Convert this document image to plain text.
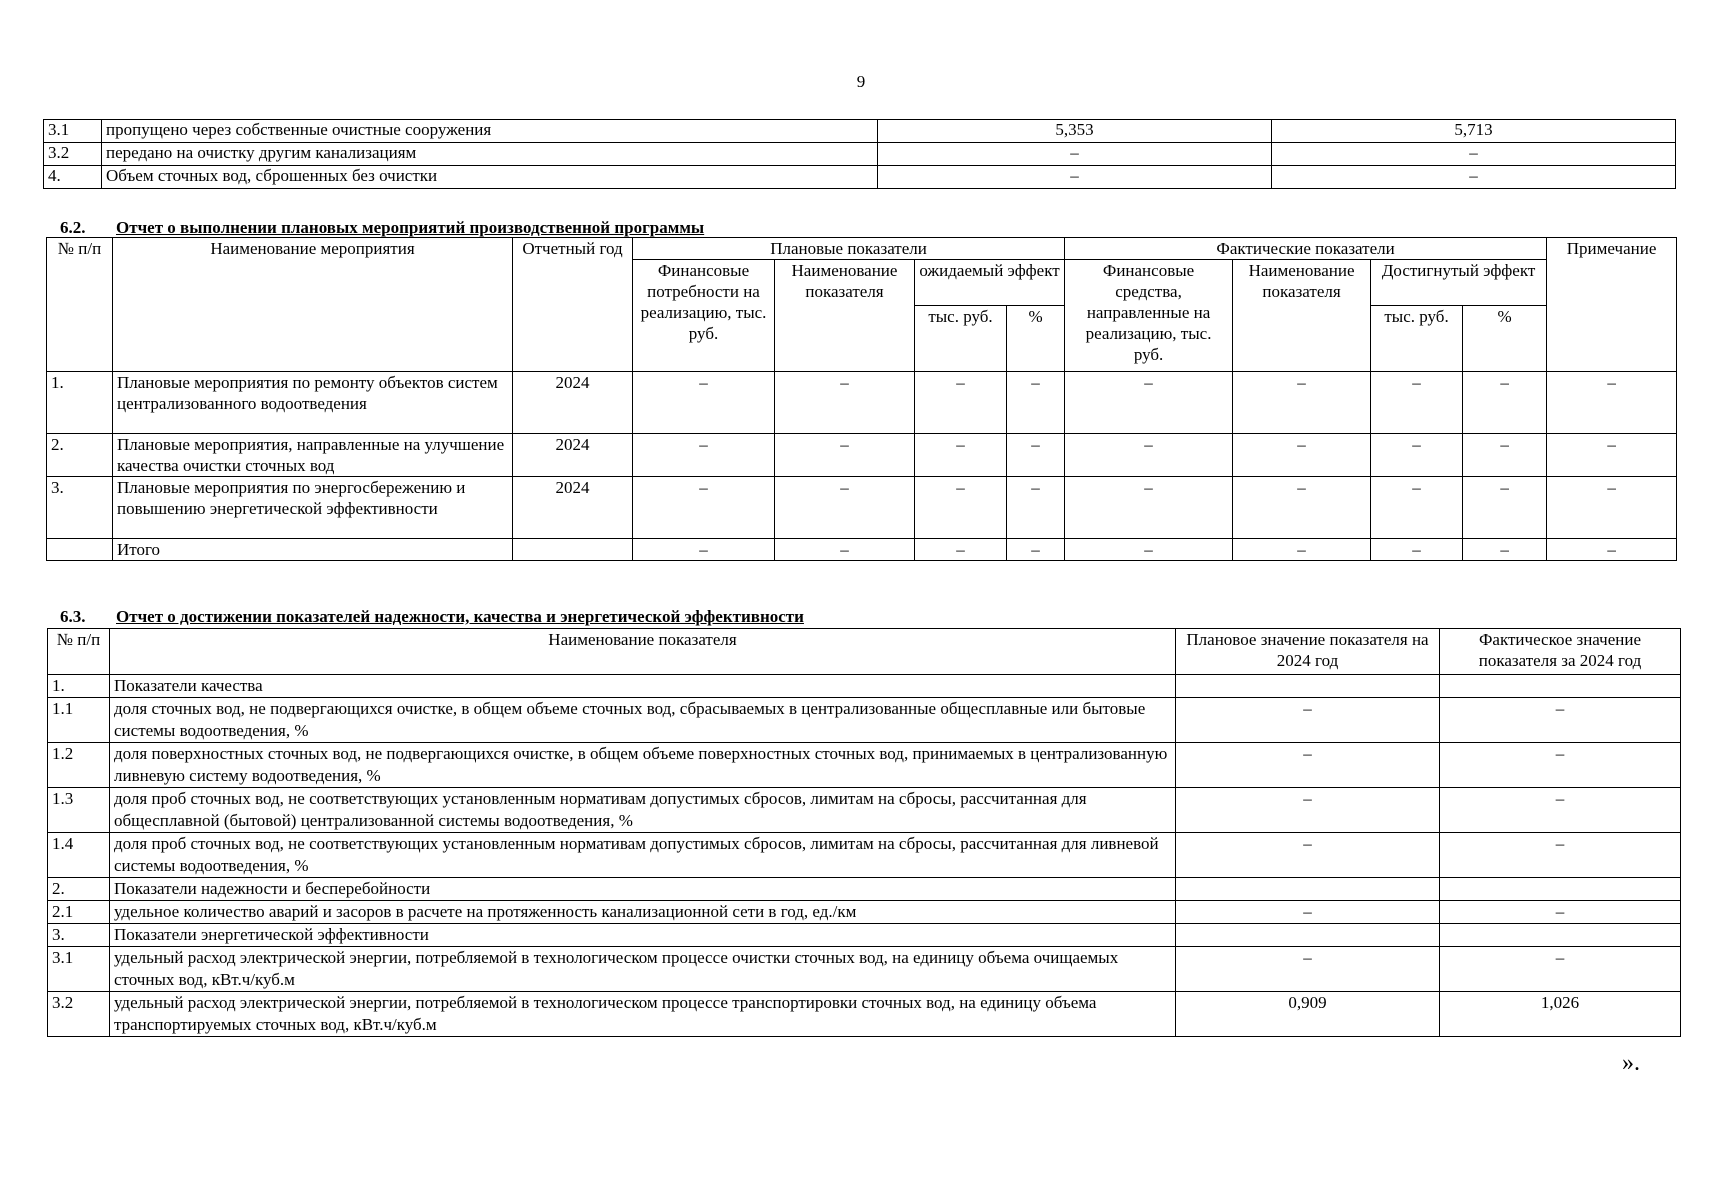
9
3.1	пропущено через собственные очистные сооружения	5,353	5,713
3.2	передано на очистку другим канализациям	–	–
4.	Объем сточных вод, сброшенных без очистки	–	–
6.2. Отчет о выполнении плановых мероприятий производственной программы
№ п/п	Наименование мероприятия	Отчетный год	Плановые показатели				Фактические показатели				Примечание
			Финансовые потребности на реализацию, тыс. руб.	Наименование показателя	ожидаемый эффект		Финансовые средства, направленные на реализацию, тыс. руб.	Наименование показателя	Достигнутый эффект		
					тыс. руб.	%			тыс. руб.	%	
1.	Плановые мероприятия по ремонту объектов систем централизованного водоотведения	2024	–	–	–	–	–	–	–	–	–
2.	Плановые мероприятия, направленные на улучшение качества очистки сточных вод	2024	–	–	–	–	–	–	–	–	–
3.	Плановые мероприятия по энергосбережению и повышению энергетической эффективности	2024	–	–	–	–	–	–	–	–	–
	Итого		–	–	–	–	–	–	–	–	–
6.3. Отчет о достижении показателей надежности, качества и энергетической эффективности
№ п/п	Наименование показателя	Плановое значение показателя на 2024 год	Фактическое значение показателя за 2024 год
1.	Показатели качества		
1.1	доля сточных вод, не подвергающихся очистке, в общем объеме сточных вод, сбрасываемых в централизованные общесплавные или бытовые системы водоотведения, %	–	–
1.2	доля поверхностных сточных вод, не подвергающихся очистке, в общем объеме поверхностных сточных вод, принимаемых в централизованную ливневую систему водоотведения, %	–	–
1.3	доля проб сточных вод, не соответствующих установленным нормативам допустимых сбросов, лимитам на сбросы, рассчитанная для общесплавной (бытовой) централизованной системы водоотведения, %	–	–
1.4	доля проб сточных вод, не соответствующих установленным нормативам допустимых сбросов, лимитам на сбросы, рассчитанная для ливневой системы водоотведения, %	–	–
2.	Показатели надежности и бесперебойности		
2.1	удельное количество аварий и засоров в расчете на протяженность канализационной сети в год, ед./км	–	–
3.	Показатели энергетической эффективности		
3.1	удельный расход электрической энергии, потребляемой в технологическом процессе очистки сточных вод, на единицу объема очищаемых сточных вод, кВт.ч/куб.м	–	–
3.2	удельный расход электрической энергии, потребляемой в технологическом процессе транспортировки сточных вод, на единицу объема транспортируемых сточных вод, кВт.ч/куб.м	0,909	1,026
».
